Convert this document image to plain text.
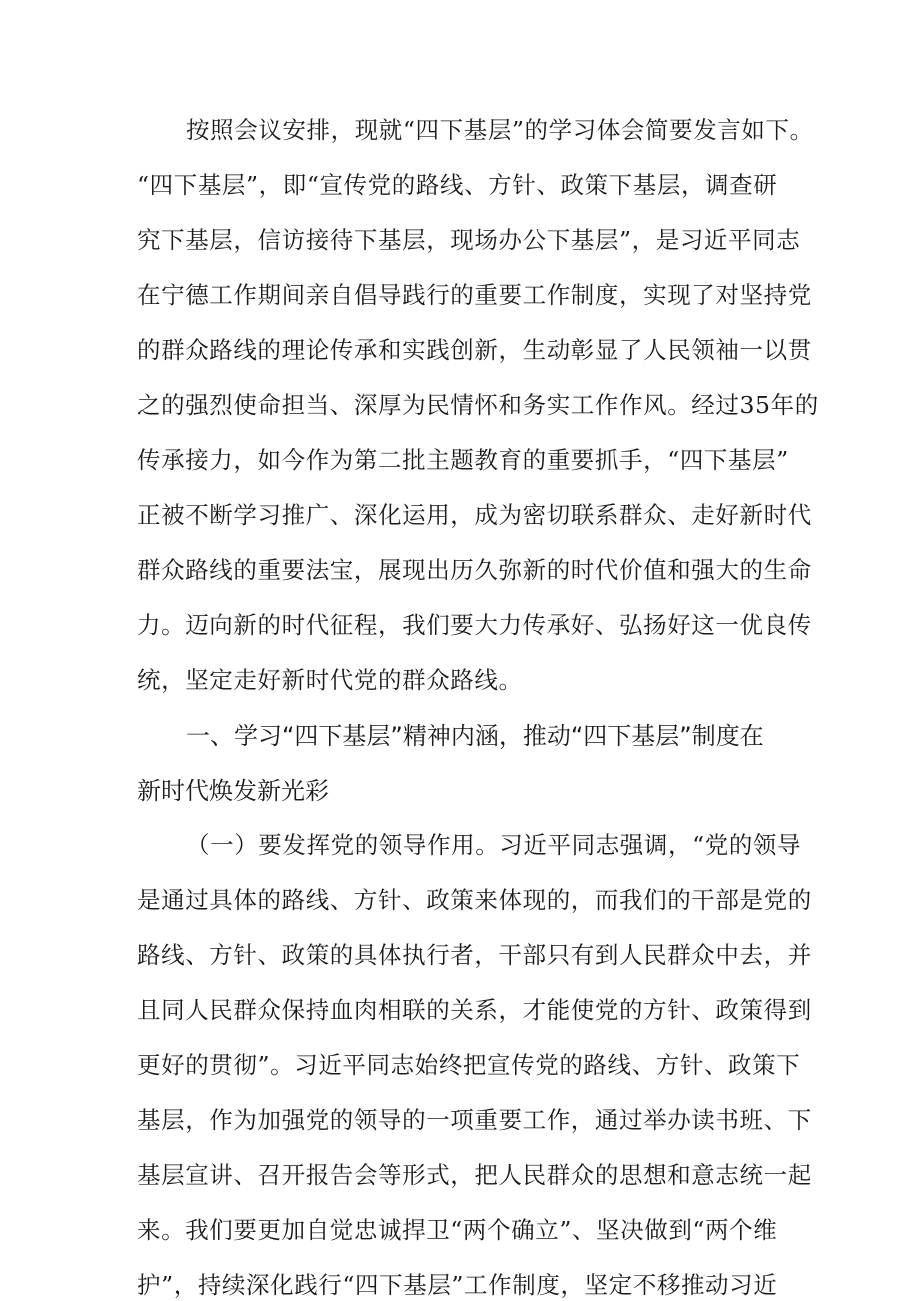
按照会议安排，现就“四下基层”的学习体会简要发言如下。
“四下基层”，即“宣传党的路线、方针、政策下基层，调查研
究下基层，信访接待下基层，现场办公下基层”，是习近平同志
在宁德工作期间亲自倡导践行的重要工作制度，实现了对坚持党
的群众路线的理论传承和实践创新，生动彰显了人民领袖一以贯
之的强烈使命担当、深厚为民情怀和务实工作作风。经过35年的
传承接力，如今作为第二批主题教育的重要抓手，“四下基层”
正被不断学习推广、深化运用，成为密切联系群众、走好新时代
群众路线的重要法宝，展现出历久弥新的时代价值和强大的生命
力。迈向新的时代征程，我们要大力传承好、弘扬好这一优良传
统，坚定走好新时代党的群众路线。
一、学习“四下基层”精神内涵，推动“四下基层”制度在
新时代焕发新光彩
（一）要发挥党的领导作用。习近平同志强调，“党的领导
是通过具体的路线、方针、政策来体现的，而我们的干部是党的
路线、方针、政策的具体执行者，干部只有到人民群众中去，并
且同人民群众保持血肉相联的关系，才能使党的方针、政策得到
更好的贯彻”。习近平同志始终把宣传党的路线、方针、政策下
基层，作为加强党的领导的一项重要工作，通过举办读书班、下
基层宣讲、召开报告会等形式，把人民群众的思想和意志统一起
来。我们要更加自觉忠诚捍卫“两个确立”、坚决做到“两个维
护”，持续深化践行“四下基层”工作制度，坚定不移推动习近
